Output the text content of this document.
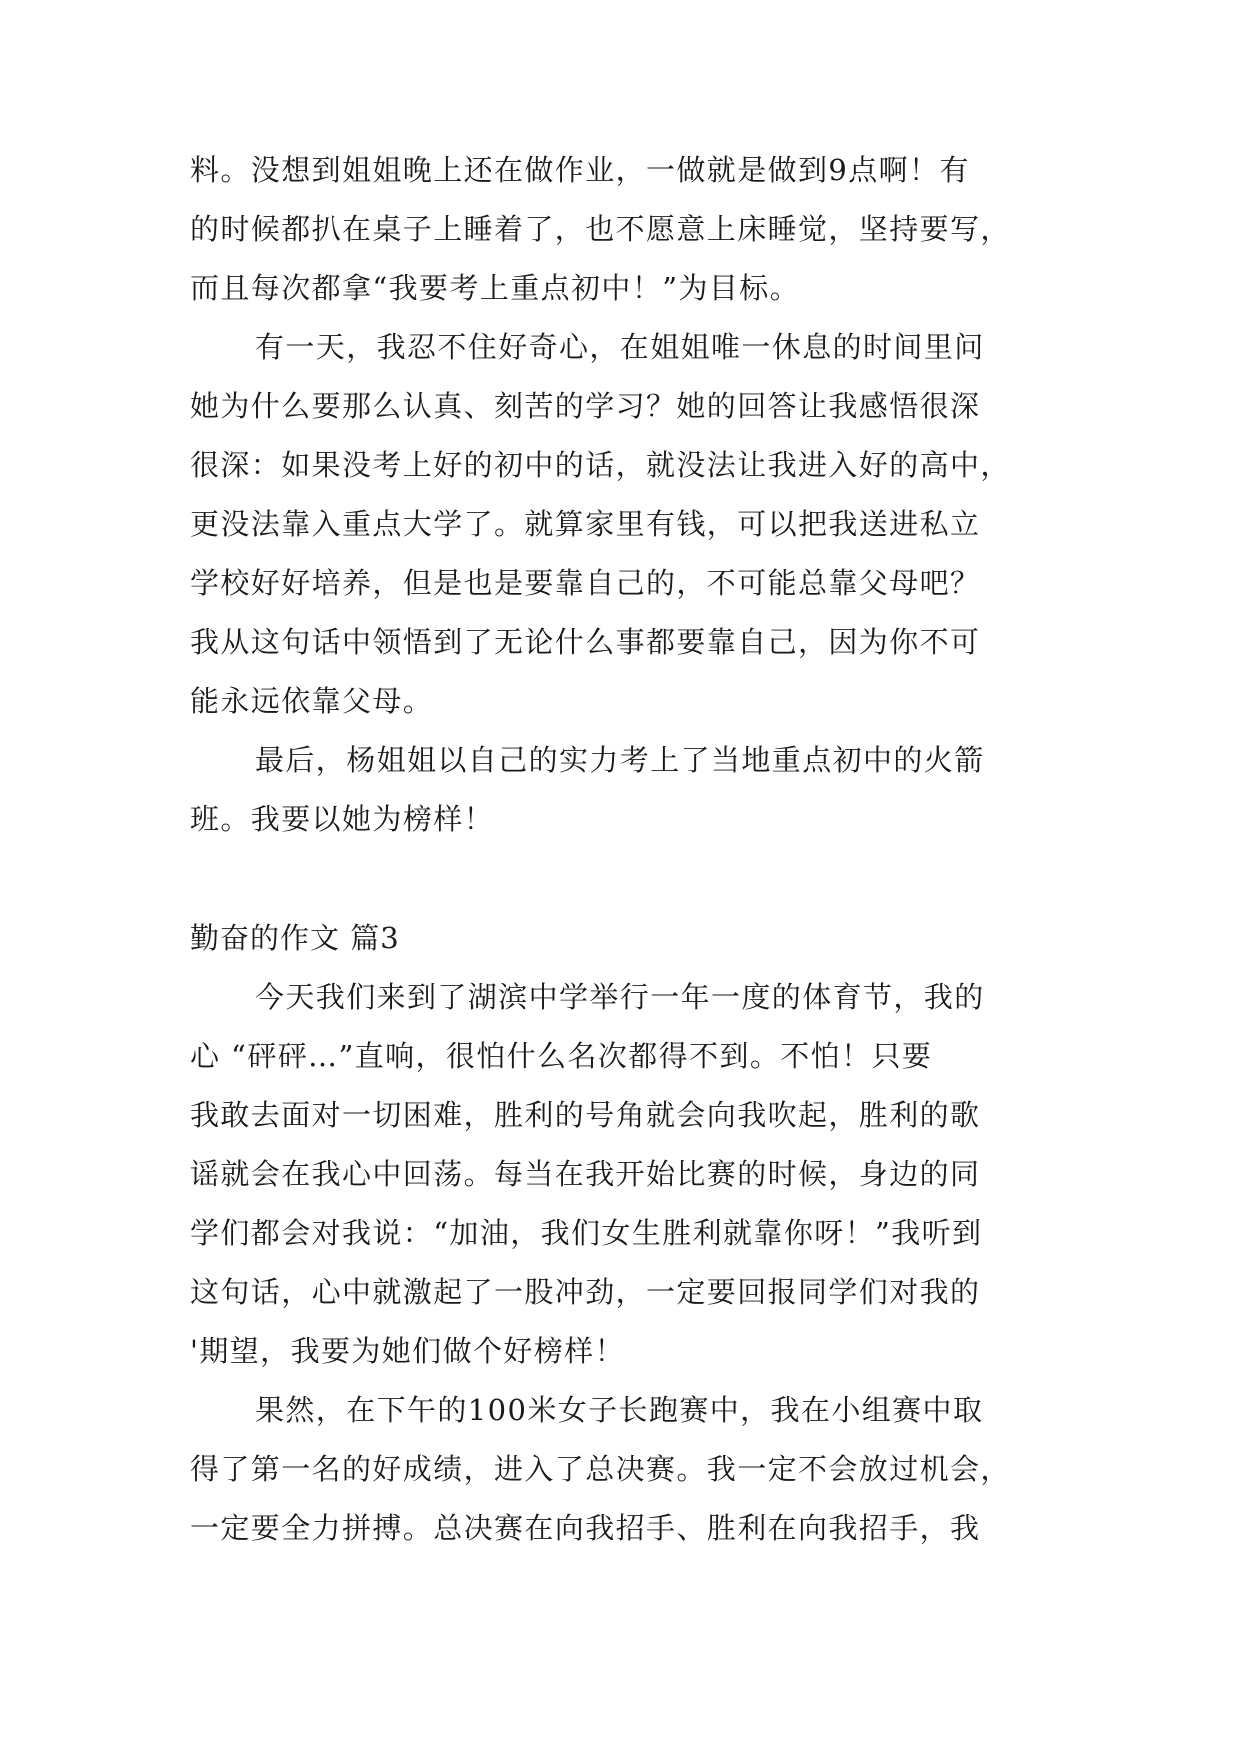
料。没想到姐姐晚上还在做作业，一做就是做到9点啊！有
的时候都扒在桌子上睡着了，也不愿意上床睡觉，坚持要写，
而且每次都拿“我要考上重点初中！”为目标。
有一天，我忍不住好奇心，在姐姐唯一休息的时间里问
她为什么要那么认真、刻苦的学习？她的回答让我感悟很深
很深：如果没考上好的初中的话，就没法让我进入好的高中，
更没法靠入重点大学了。就算家里有钱，可以把我送进私立
学校好好培养，但是也是要靠自己的，不可能总靠父母吧？
我从这句话中领悟到了无论什么事都要靠自己，因为你不可
能永远依靠父母。
最后，杨姐姐以自己的实力考上了当地重点初中的火箭
班。我要以她为榜样！
勤奋的作文 篇3
今天我们来到了湖滨中学举行一年一度的体育节，我的
心 “砰砰…”直响，很怕什么名次都得不到。不怕！只要
我敢去面对一切困难，胜利的号角就会向我吹起，胜利的歌
谣就会在我心中回荡。每当在我开始比赛的时候，身边的同
学们都会对我说：“加油，我们女生胜利就靠你呀！”我听到
这句话，心中就激起了一股冲劲，一定要回报同学们对我的
'期望，我要为她们做个好榜样！
果然，在下午的100米女子长跑赛中，我在小组赛中取
得了第一名的好成绩，进入了总决赛。我一定不会放过机会，
一定要全力拼搏。总决赛在向我招手、胜利在向我招手，我
